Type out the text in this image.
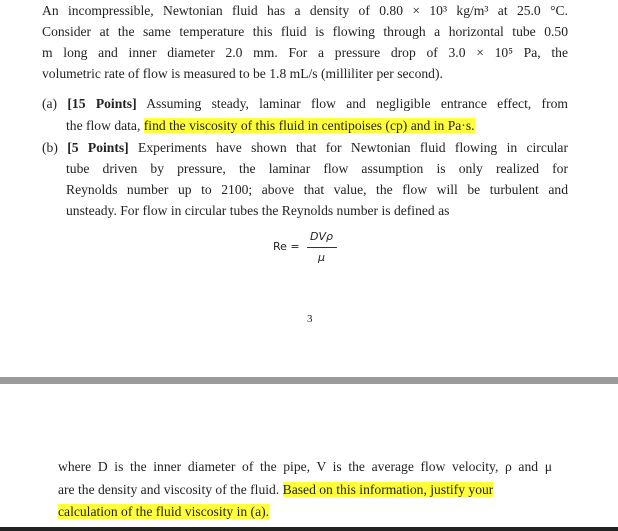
An incompressible, Newtonian fluid has a density of 0.80 × 10³ kg/m³ at 25.0 °C.
Consider at the same temperature this fluid is flowing through a horizontal tube 0.50
m long and inner diameter 2.0 mm. For a pressure drop of 3.0 × 10⁵ Pa, the
volumetric rate of flow is measured to be 1.8 mL/s (milliliter per second).
(a) [15 Points] Assuming steady, laminar flow and negligible entrance effect, from
the flow data, find the viscosity of this fluid in centipoises (cp) and in Pa·s.
(b) [5 Points] Experiments have shown that for Newtonian fluid flowing in circular
tube driven by pressure, the laminar flow assumption is only realized for
Reynolds number up to 2100; above that value, the flow will be turbulent and
unsteady. For flow in circular tubes the Reynolds number is defined as
Re =
DVρ
μ
3
where D is the inner diameter of the pipe, V is the average flow velocity, ρ and μ
are the density and viscosity of the fluid. Based on this information, justify your
calculation of the fluid viscosity in (a).
